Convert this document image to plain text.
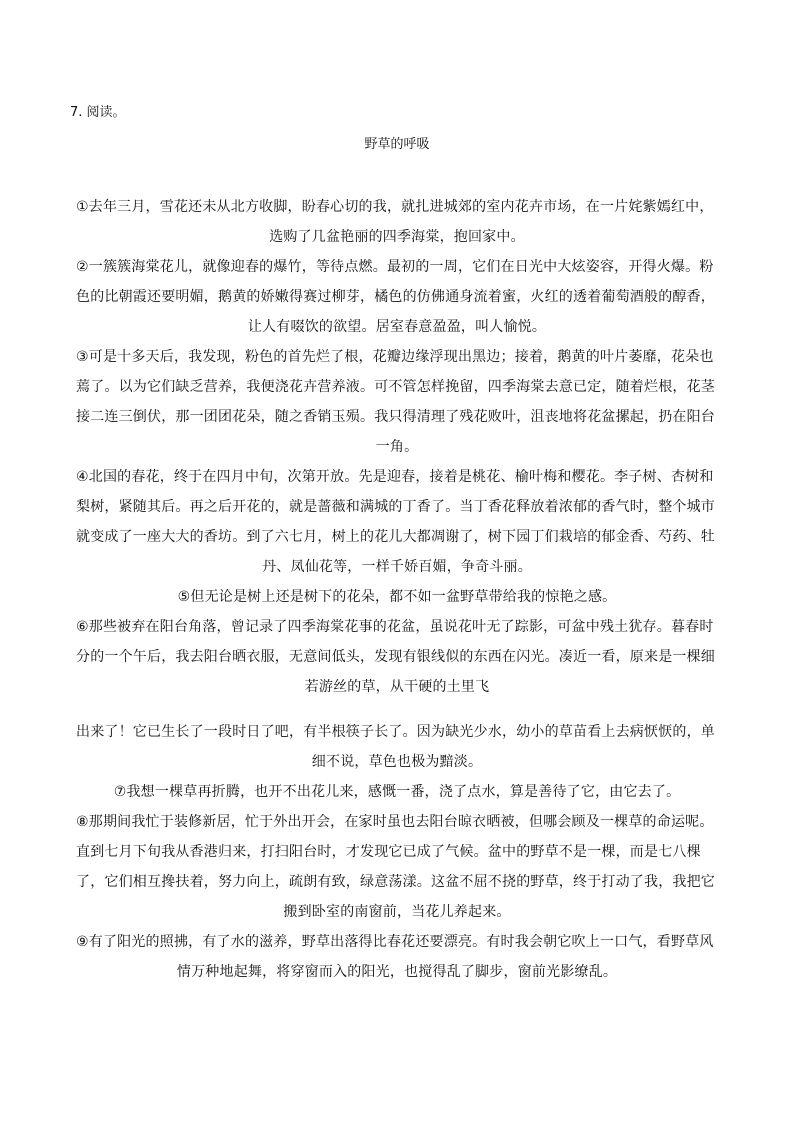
7. 阅读。
野草的呼吸

①去年三月，雪花还未从北方收脚，盼春心切的我，就扎进城郊的室内花卉市场，在一片姹紫嫣红中，选购了几盆艳丽的四季海棠，抱回家中。

②一簇簇海棠花儿，就像迎春的爆竹，等待点燃。最初的一周，它们在日光中大炫姿容，开得火爆。粉色的比朝霞还要明媚，鹅黄的娇嫩得赛过柳芽，橘色的仿佛通身流着蜜，火红的透着葡萄酒般的醇香，让人有啜饮的欲望。居室春意盈盈，叫人愉悦。

③可是十多天后，我发现，粉色的首先烂了根，花瓣边缘浮现出黑边；接着，鹅黄的叶片萎靡，花朵也蔫了。以为它们缺乏营养，我便浇花卉营养液。可不管怎样挽留，四季海棠去意已定，随着烂根，花茎接二连三倒伏，那一团团花朵，随之香销玉殒。我只得清理了残花败叶，沮丧地将花盆摞起，扔在阳台一角。

④北国的春花，终于在四月中旬，次第开放。先是迎春，接着是桃花、榆叶梅和樱花。李子树、杏树和梨树，紧随其后。再之后开花的，就是蔷薇和满城的丁香了。当丁香花释放着浓郁的香气时，整个城市就变成了一座大大的香坊。到了六七月，树上的花儿大都凋谢了，树下园丁们栽培的郁金香、芍药、牡丹、凤仙花等，一样千娇百媚，争奇斗丽。

⑤但无论是树上还是树下的花朵，都不如一盆野草带给我的惊艳之感。

⑥那些被弃在阳台角落，曾记录了四季海棠花事的花盆，虽说花叶无了踪影，可盆中残土犹存。暮春时分的一个午后，我去阳台晒衣服，无意间低头，发现有银线似的东西在闪光。凑近一看，原来是一棵细若游丝的草，从干硬的土里飞

出来了！它已生长了一段时日了吧，有半根筷子长了。因为缺光少水，幼小的草苗看上去病恹恹的，单细不说，草色也极为黯淡。

⑦我想一棵草再折腾，也开不出花儿来，感慨一番，浇了点水，算是善待了它，由它去了。

⑧那期间我忙于装修新居，忙于外出开会，在家时虽也去阳台晾衣晒被，但哪会顾及一棵草的命运呢。直到七月下旬我从香港归来，打扫阳台时，才发现它已成了气候。盆中的野草不是一棵，而是七八棵了，它们相互搀扶着，努力向上，疏朗有致，绿意荡漾。这盆不屈不挠的野草，终于打动了我，我把它搬到卧室的南窗前，当花儿养起来。

⑨有了阳光的照拂，有了水的滋养，野草出落得比春花还要漂亮。有时我会朝它吹上一口气，看野草风情万种地起舞，将穿窗而入的阳光，也搅得乱了脚步，窗前光影缭乱。
